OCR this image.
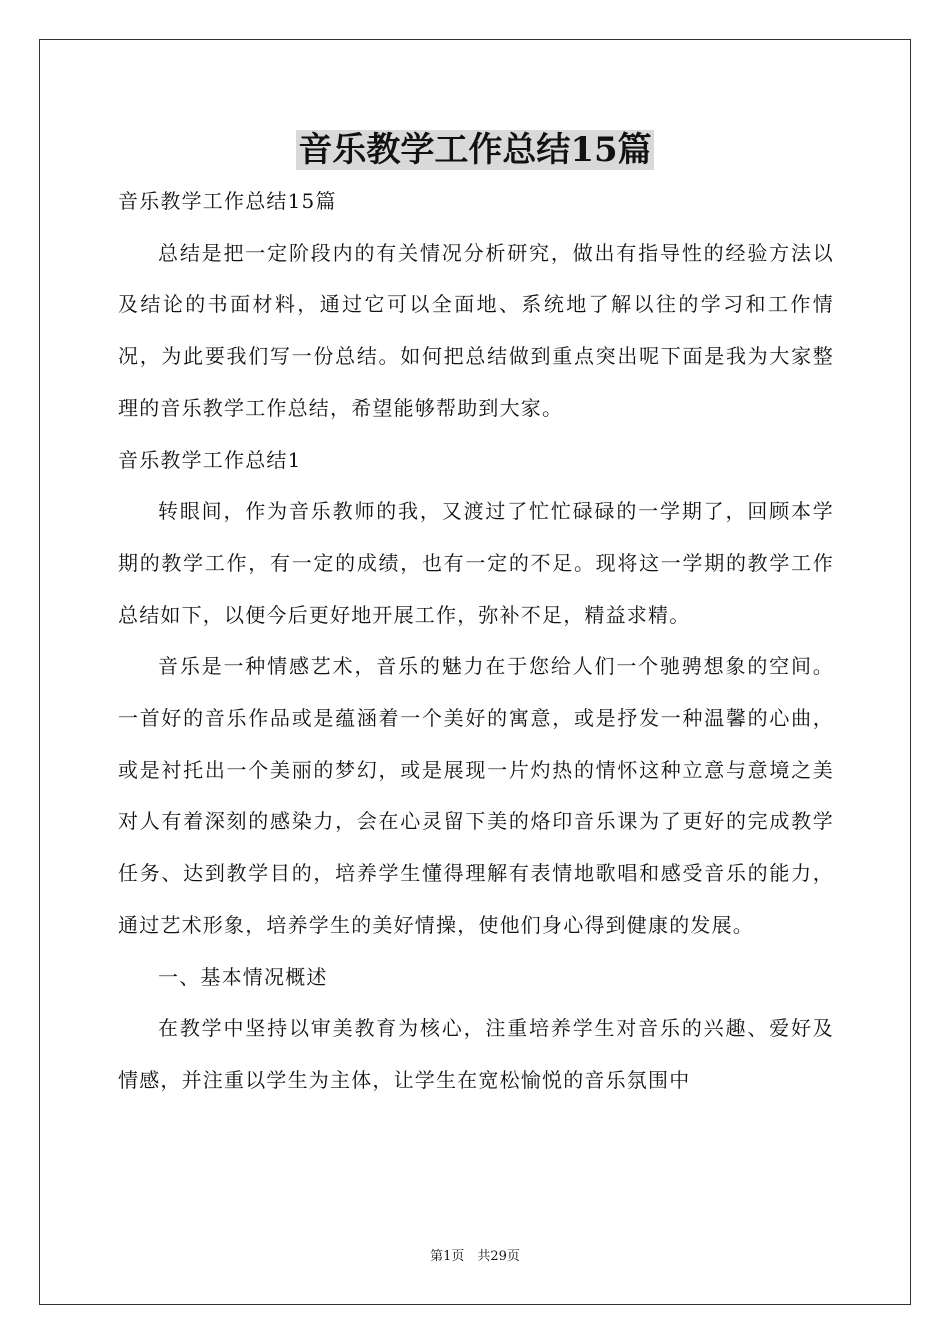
音乐教学工作总结15篇

音乐教学工作总结15篇

总结是把一定阶段内的有关情况分析研究，做出有指导性的经验方法以及结论的书面材料，通过它可以全面地、系统地了解以往的学习和工作情况，为此要我们写一份总结。如何把总结做到重点突出呢下面是我为大家整理的音乐教学工作总结，希望能够帮助到大家。

音乐教学工作总结1

转眼间，作为音乐教师的我，又渡过了忙忙碌碌的一学期了，回顾本学期的教学工作，有一定的成绩，也有一定的不足。现将这一学期的教学工作总结如下，以便今后更好地开展工作，弥补不足，精益求精。

音乐是一种情感艺术，音乐的魅力在于您给人们一个驰骋想象的空间。一首好的音乐作品或是蕴涵着一个美好的寓意，或是抒发一种温馨的心曲，或是衬托出一个美丽的梦幻，或是展现一片灼热的情怀这种立意与意境之美对人有着深刻的感染力，会在心灵留下美的烙印音乐课为了更好的完成教学任务、达到教学目的，培养学生懂得理解有表情地歌唱和感受音乐的能力，通过艺术形象，培养学生的美好情操，使他们身心得到健康的发展。

一、基本情况概述

在教学中坚持以审美教育为核心，注重培养学生对音乐的兴趣、爱好及情感，并注重以学生为主体，让学生在宽松愉悦的音乐氛围中

第1页　共29页
